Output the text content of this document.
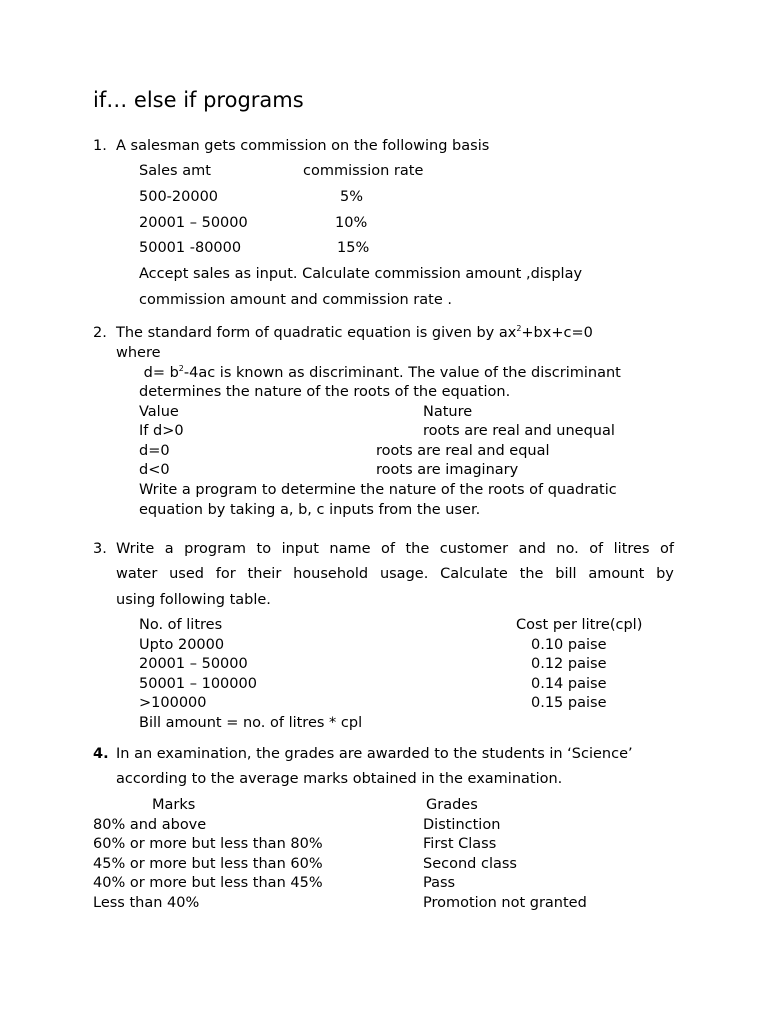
if… else if programs
1. A salesman gets commission on the following basis
Sales amt	commission rate
500-20000	5%
20001 – 50000	10%
50001 -80000	15%
Accept sales as input. Calculate commission amount ,display
commission amount and commission rate .
2. The standard form of quadratic equation is given by $ax^2+bx+c=0$
where
$d= b^2-4ac$ is known as discriminant. The value of the discriminant
determines the nature of the roots of the equation.
Value	Nature
If d>0	roots are real and unequal
d=0	roots are real and equal
d<0	roots are imaginary
Write a program to determine the nature of the roots of quadratic
equation by taking a, b, c inputs from the user.
3. Write a program to input name of the customer and no. of litres of
water used for their household usage. Calculate the bill amount by
using following table.
No. of litres	Cost per litre(cpl)
Upto 20000	0.10 paise
20001 – 50000	0.12 paise
50001 – 100000	0.14 paise
>100000	0.15 paise
Bill amount = no. of litres * cpl
4. In an examination, the grades are awarded to the students in ‘Science’
according to the average marks obtained in the examination.
Marks	Grades
80% and above	Distinction
60% or more but less than 80%	First Class
45% or more but less than 60%	Second class
40% or more but less than 45%	Pass
Less than 40%	Promotion not granted
